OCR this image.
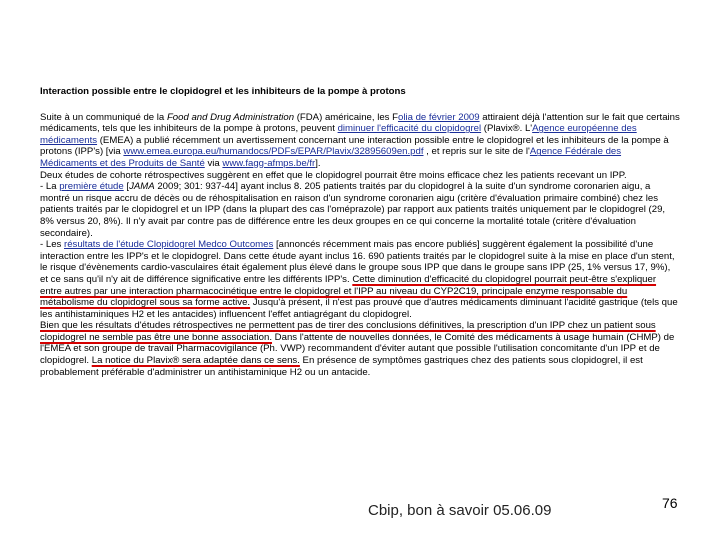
Interaction possible entre le clopidogrel et les inhibiteurs de la pompe à protons

Suite à un communiqué de la Food and Drug Administration (FDA) américaine, les Folia de février 2009 attiraient déjà l'attention sur le fait que certains médicaments, tels que les inhibiteurs de la pompe à protons, peuvent diminuer l'efficacité du clopidogrel (Plavix®. L'Agence européenne des médicaments (EMEA) a publié récemment un avertissement concernant une interaction possible entre le clopidogrel et les inhibiteurs de la pompe à protons (IPP's) [via www.emea.europa.eu/humandocs/PDFs/EPAR/Plavix/32895609en.pdf , et repris sur le site de l'Agence Fédérale des Médicaments et des Produits de Santé via www.fagg-afmps.be/fr].

Deux études de cohorte rétrospectives suggèrent en effet que le clopidogrel pourrait être moins efficace chez les patients recevant un IPP.

- La première étude [JAMA 2009; 301: 937-44] ayant inclus 8. 205 patients traités par du clopidogrel à la suite d'un syndrome coronarien aigu, a montré un risque accru de décès ou de réhospitalisation en raison d'un syndrome coronarien aigu (critère d'évaluation primaire combiné) chez les patients traités par le clopidogrel et un IPP (dans la plupart des cas l'oméprazole) par rapport aux patients traités uniquement par le clopidogrel (29, 8% versus 20, 8%). Il n'y avait par contre pas de différence entre les deux groupes en ce qui concerne la mortalité totale (critère d'évaluation secondaire).

- Les résultats de l'étude Clopidogrel Medco Outcomes [annoncés récemment mais pas encore publiés] suggèrent également la possibilité d'une interaction entre les IPP's et le clopidogrel. Dans cette étude ayant inclus 16. 690 patients traités par le clopidogrel suite à la mise en place d'un stent, le risque d'évènements cardio-vasculaires était également plus élevé dans le groupe sous IPP que dans le groupe sans IPP (25, 1% versus 17, 9%), et ce sans qu'il n'y ait de différence significative entre les différents IPP's. Cette diminution d'efficacité du clopidogrel pourrait peut-être s'expliquer entre autres par une interaction pharmacocinétique entre le clopidogrel et l'IPP au niveau du CYP2C19, principale enzyme responsable du métabolisme du clopidogrel sous sa forme active. Jusqu'à présent, il n'est pas prouvé que d'autres médicaments diminuant l'acidité gastrique (tels que les antihistaminiques H2 et les antacides) influencent l'effet antiagrégant du clopidogrel.

Bien que les résultats d'études rétrospectives ne permettent pas de tirer des conclusions définitives, la prescription d'un IPP chez un patient sous clopidogrel ne semble pas être une bonne association. Dans l'attente de nouvelles données, le Comité des médicaments à usage humain (CHMP) de l'EMEA et son groupe de travail Pharmacovigilance (Ph. VWP) recommandent d'éviter autant que possible l'utilisation concomitante d'un IPP et de clopidogrel. La notice du Plavix® sera adaptée dans ce sens. En présence de symptômes gastriques chez des patients sous clopidogrel, il est probablement préférable d'administrer un antihistaminique H2 ou un antacide.

Cbip, bon à savoir 05.06.09	76
